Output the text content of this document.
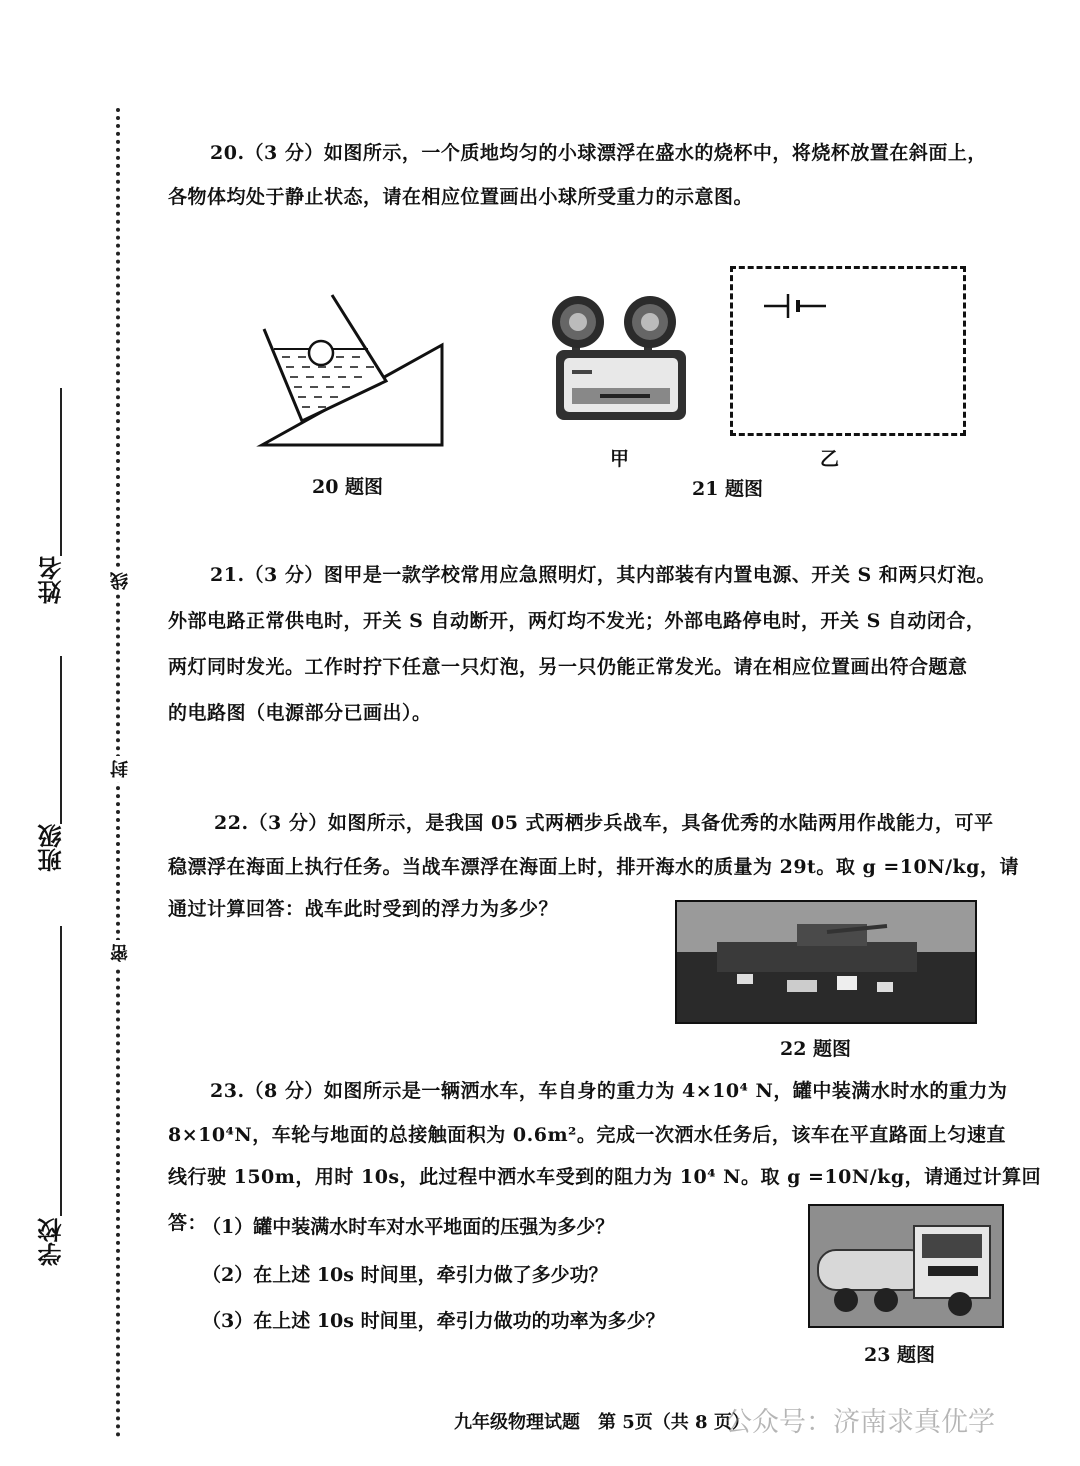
线
封
密
姓名
班级
学校
20.（3 分）如图所示，一个质地均匀的小球漂浮在盛水的烧杯中，将烧杯放置在斜面上，
各物体均处于静止状态，请在相应位置画出小球所受重力的示意图。
20 题图
甲	乙
21 题图
21.（3 分）图甲是一款学校常用应急照明灯，其内部装有内置电源、开关 S 和两只灯泡。
外部电路正常供电时，开关 S 自动断开，两灯均不发光；外部电路停电时，开关 S 自动闭合，
两灯同时发光。工作时拧下任意一只灯泡，另一只仍能正常发光。请在相应位置画出符合题意
的电路图（电源部分已画出）。
22.（3 分）如图所示，是我国 05 式两栖步兵战车，具备优秀的水陆两用作战能力，可平
稳漂浮在海面上执行任务。当战车漂浮在海面上时，排开海水的质量为 29t。取 g =10N/kg，请
通过计算回答：战车此时受到的浮力为多少？
22 题图
23.（8 分）如图所示是一辆洒水车，车自身的重力为 4×10⁴ N，罐中装满水时水的重力为
8×10⁴N，车轮与地面的总接触面积为 0.6m²。完成一次洒水任务后，该车在平直路面上匀速直
线行驶 150m，用时 10s，此过程中洒水车受到的阻力为 10⁴ N。取 g =10N/kg，请通过计算回答：
（1）罐中装满水时车对水平地面的压强为多少？
（2）在上述 10s 时间里，牵引力做了多少功？
（3）在上述 10s 时间里，牵引力做功的功率为多少？
23 题图
九年级物理试题　第 5页（共 8 页）
公众号：济南求真优学
